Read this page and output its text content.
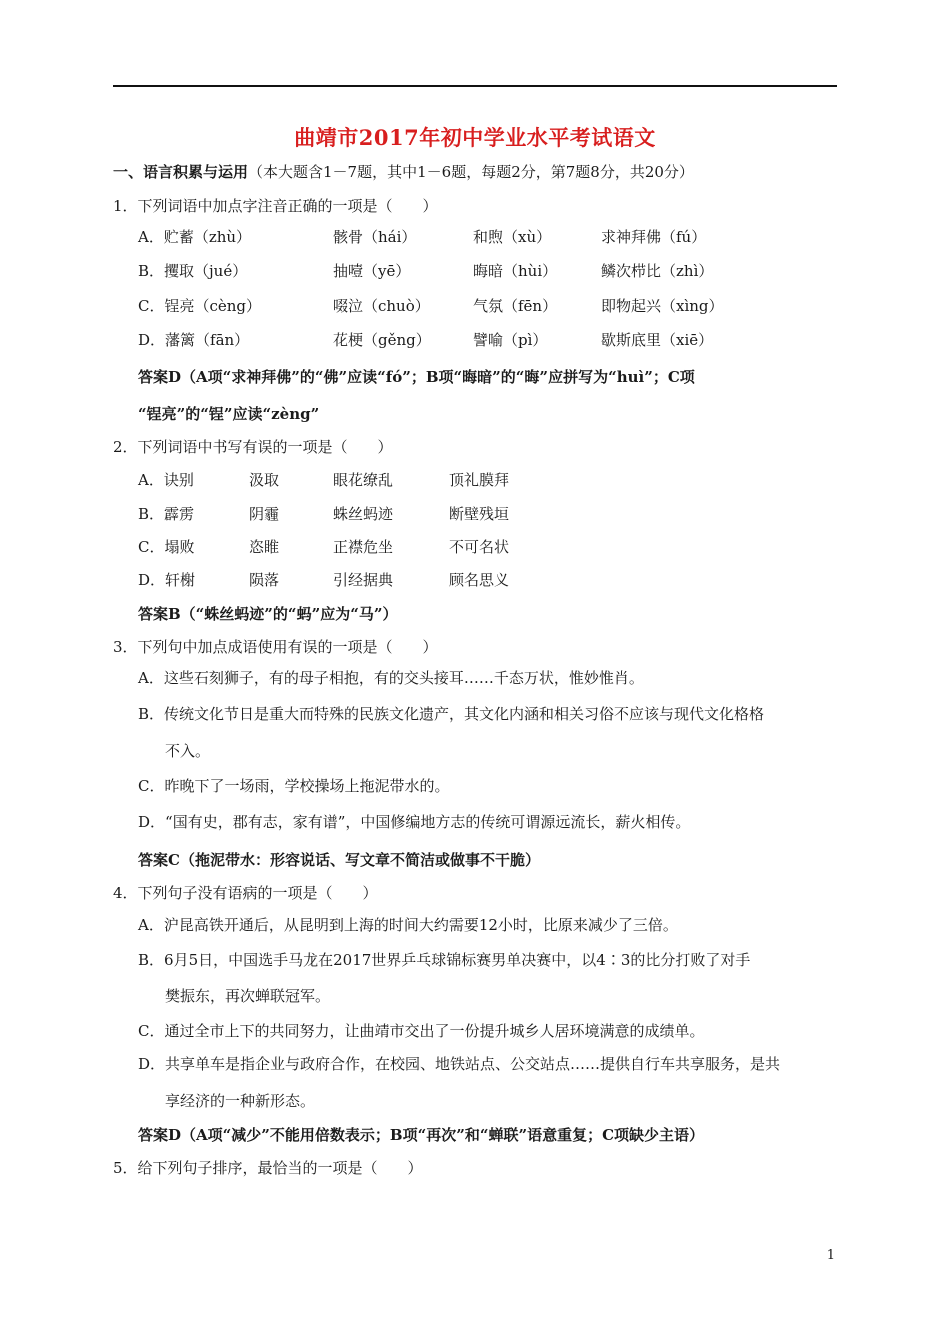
曲靖市2017年初中学业水平考试语文
一、语言积累与运用（本大题含1－7题，其中1－6题，每题2分，第7题8分，共20分）
1．下列词语中加点字注音正确的一项是（　　）
A．贮蓄（zhù）	骸骨（hái）	和煦（xù）	求神拜佛（fú）
B．攫取（jué）	抽噎（yē）	晦暗（hùi）	鳞次栉比（zhì）
C．锃亮（cèng）	啜泣（chuò）	气氛（fēn）	即物起兴（xìng）
D．藩篱（fān）	花梗（gěng）	譬喻（pì）	歇斯底里（xiē）
答案D（A项“求神拜佛”的“佛”应读“fó”；B项“晦暗”的“晦”应拼写为“huì”；C项
“锃亮”的“锃”应读“zèng”
2．下列词语中书写有误的一项是（　　）
A．诀别	汲取	眼花缭乱	顶礼膜拜
B．霹雳	阴霾	蛛丝蚂迹	断壁残垣
C．塌败	恣睢	正襟危坐	不可名状
D．轩榭	陨落	引经据典	顾名思义
答案B（“蛛丝蚂迹”的“蚂”应为“马”）
3．下列句中加点成语使用有误的一项是（　　）
A．这些石刻狮子，有的母子相抱，有的交头接耳……千态万状，惟妙惟肖。
B．传统文化节日是重大而特殊的民族文化遗产，其文化内涵和相关习俗不应该与现代文化格格
不入。
C．昨晚下了一场雨，学校操场上拖泥带水的。
D．“国有史，郡有志，家有谱”，中国修编地方志的传统可谓源远流长，薪火相传。
答案C（拖泥带水：形容说话、写文章不简洁或做事不干脆）
4．下列句子没有语病的一项是（　　）
A．沪昆高铁开通后，从昆明到上海的时间大约需要12小时，比原来减少了三倍。
B．6月5日，中国选手马龙在2017世界乒乓球锦标赛男单决赛中，以4∶3的比分打败了对手
樊振东，再次蝉联冠军。
C．通过全市上下的共同努力，让曲靖市交出了一份提升城乡人居环境满意的成绩单。
D．共享单车是指企业与政府合作，在校园、地铁站点、公交站点……提供自行车共享服务，是共
享经济的一种新形态。
答案D（A项“减少”不能用倍数表示；B项“再次”和“蝉联”语意重复；C项缺少主语）
5．给下列句子排序，最恰当的一项是（　　）
1
